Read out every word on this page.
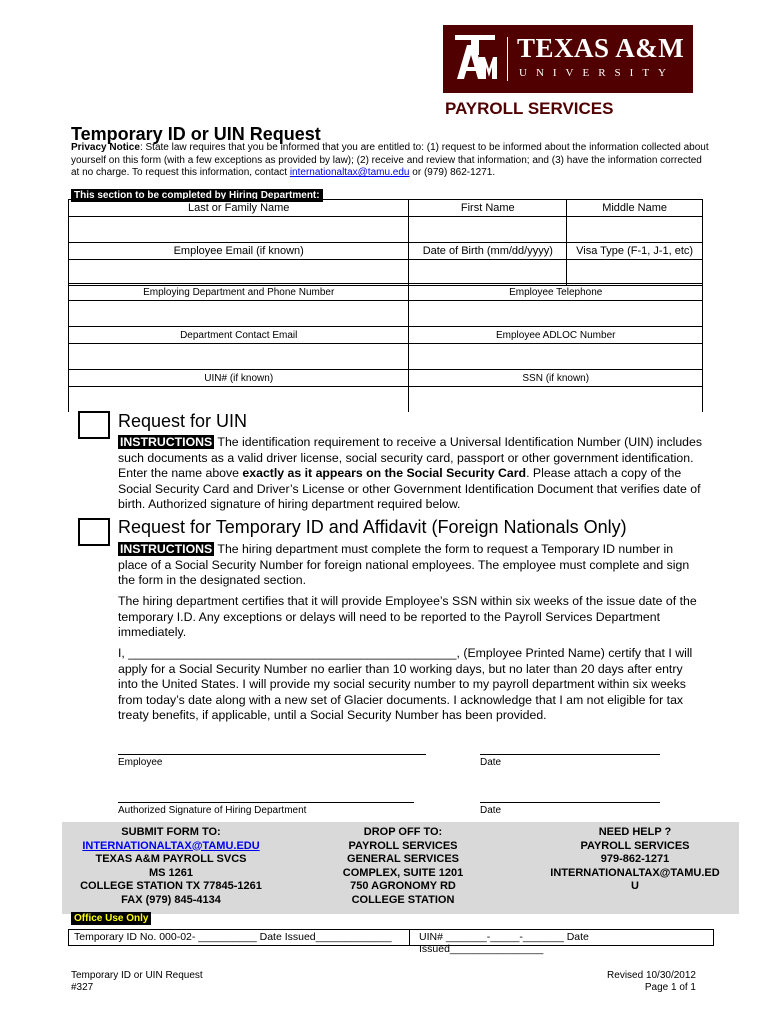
TEXAS A&M
UNIVERSITY
PAYROLL SERVICES
Temporary ID or UIN Request
Privacy Notice: State law requires that you be informed that you are entitled to: (1) request to be informed about the information collected about yourself on this form (with a few exceptions as provided by law); (2) receive and review that information; and (3) have the information corrected at no charge. To request this information, contact internationaltax@tamu.edu or (979) 862-1271.
This section to be completed by Hiring Department:
Last or Family Name	First Name	Middle Name

Employee Email (if known)	Date of Birth (mm/dd/yyyy)	Visa Type (F-1, J-1, etc)

Employing Department and Phone Number	Employee Telephone

Department Contact Email	Employee ADLOC Number

UIN# (if known)	SSN (if known)

Request for UIN
INSTRUCTIONS The identification requirement to receive a Universal Identification Number (UIN) includes such documents as a valid driver license, social security card, passport or other government identification. Enter the name above exactly as it appears on the Social Security Card. Please attach a copy of the Social Security Card and Driver’s License or other Government Identification Document that verifies date of birth. Authorized signature of hiring department required below.
Request for Temporary ID and Affidavit (Foreign Nationals Only)
INSTRUCTIONS The hiring department must complete the form to request a Temporary ID number in place of a Social Security Number for foreign national employees. The employee must complete and sign the form in the designated section.
The hiring department certifies that it will provide Employee’s SSN within six weeks of the issue date of the temporary I.D. Any exceptions or delays will need to be reported to the Payroll Services Department immediately.
I, ________________________________________________, (Employee Printed Name) certify that I will apply for a Social Security Number no earlier than 10 working days, but no later than 20 days after entry into the United States. I will provide my social security number to my payroll department within six weeks from today’s date along with a new set of Glacier documents. I acknowledge that I am not eligible for tax treaty benefits, if applicable, until a Social Security Number has been provided.
Employee	Date
Authorized Signature of Hiring Department	Date
SUBMIT FORM TO:
INTERNATIONALTAX@TAMU.EDU
TEXAS A&M PAYROLL SVCS
MS 1261
COLLEGE STATION TX 77845-1261
FAX (979) 845-4134
DROP OFF TO:
PAYROLL SERVICES
GENERAL SERVICES
COMPLEX, SUITE 1201
750 AGRONOMY RD
COLLEGE STATION
NEED HELP ?
PAYROLL SERVICES
979-862-1271
INTERNATIONALTAX@TAMU.ED
U
Office Use Only
Temporary ID No. 000-02- __________ Date Issued_____________	UIN# _______-_____-_______ Date Issued________________
Temporary ID or UIN Request
#327
Revised 10/30/2012
Page 1 of 1
